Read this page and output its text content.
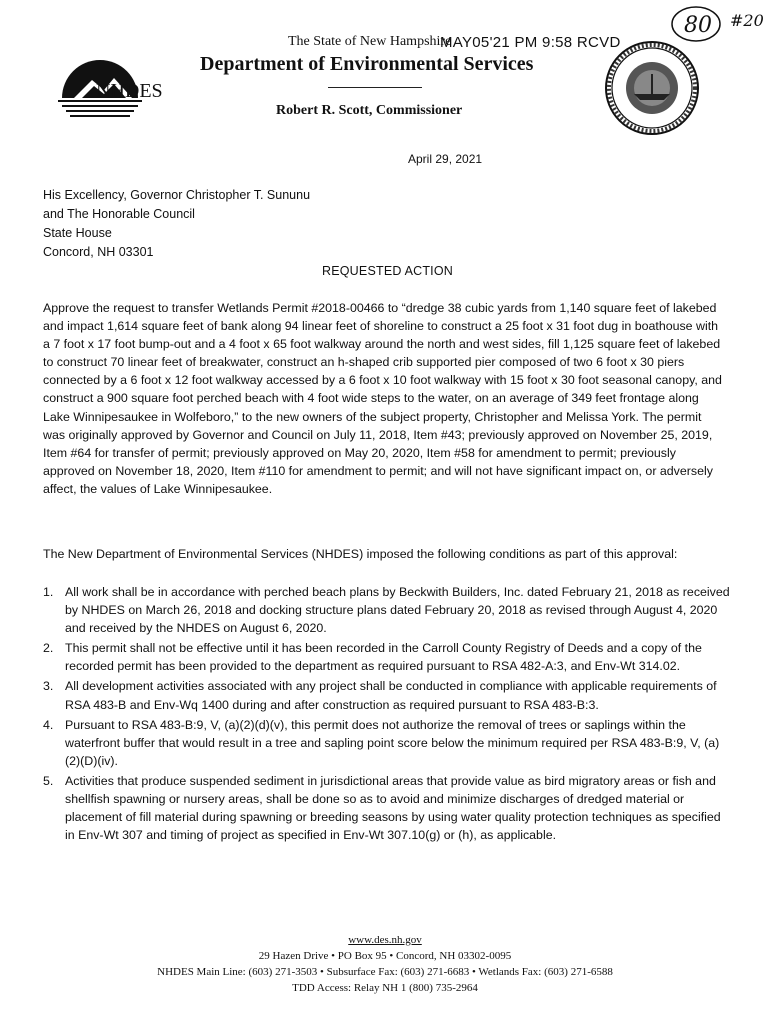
NHDES
The State of New Hampshire
MAY05'21 PM 9:58 RCVD
Department of Environmental Services
Robert R. Scott, Commissioner
80 #20
April 29, 2021
His Excellency, Governor Christopher T. Sununu
and The Honorable Council
State House
Concord, NH 03301
REQUESTED ACTION
Approve the request to transfer Wetlands Permit #2018-00466 to “dredge 38 cubic yards from 1,140 square feet of lakebed and impact 1,614 square feet of bank along 94 linear feet of shoreline to construct a 25 foot x 31 foot dug in boathouse with a 7 foot x 17 foot bump-out and a 4 foot x 65 foot walkway around the north and west sides, fill 1,125 square feet of lakebed to construct 70 linear feet of breakwater, construct an h-shaped crib supported pier composed of two 6 foot x 30 piers connected by a 6 foot x 12 foot walkway accessed by a 6 foot x 10 foot walkway with 15 foot x 30 foot seasonal canopy, and construct a 900 square foot perched beach with 4 foot wide steps to the water, on an average of 349 feet frontage along Lake Winnipesaukee in Wolfeboro,” to the new owners of the subject property, Christopher and Melissa York. The permit was originally approved by Governor and Council on July 11, 2018, Item #43; previously approved on November 25, 2019, Item #64 for transfer of permit; previously approved on May 20, 2020, Item #58 for amendment to permit; previously approved on November 18, 2020, Item #110 for amendment to permit; and will not have significant impact on, or adversely affect, the values of Lake Winnipesaukee.
The New Department of Environmental Services (NHDES) imposed the following conditions as part of this approval:
1. All work shall be in accordance with perched beach plans by Beckwith Builders, Inc. dated February 21, 2018 as received by NHDES on March 26, 2018 and docking structure plans dated February 20, 2018 as revised through August 4, 2020 and received by the NHDES on August 6, 2020.
2. This permit shall not be effective until it has been recorded in the Carroll County Registry of Deeds and a copy of the recorded permit has been provided to the department as required pursuant to RSA 482-A:3, and Env-Wt 314.02.
3. All development activities associated with any project shall be conducted in compliance with applicable requirements of RSA 483-B and Env-Wq 1400 during and after construction as required pursuant to RSA 483-B:3.
4. Pursuant to RSA 483-B:9, V, (a)(2)(d)(v), this permit does not authorize the removal of trees or saplings within the waterfront buffer that would result in a tree and sapling point score below the minimum required per RSA 483-B:9, V, (a)(2)(D)(iv).
5. Activities that produce suspended sediment in jurisdictional areas that provide value as bird migratory areas or fish and shellfish spawning or nursery areas, shall be done so as to avoid and minimize discharges of dredged material or placement of fill material during spawning or breeding seasons by using water quality protection techniques as specified in Env-Wt 307 and timing of project as specified in Env-Wt 307.10(g) or (h), as applicable.
www.des.nh.gov
29 Hazen Drive • PO Box 95 • Concord, NH 03302-0095
NHDES Main Line: (603) 271-3503 • Subsurface Fax: (603) 271-6683 • Wetlands Fax: (603) 271-6588
TDD Access: Relay NH 1 (800) 735-2964
